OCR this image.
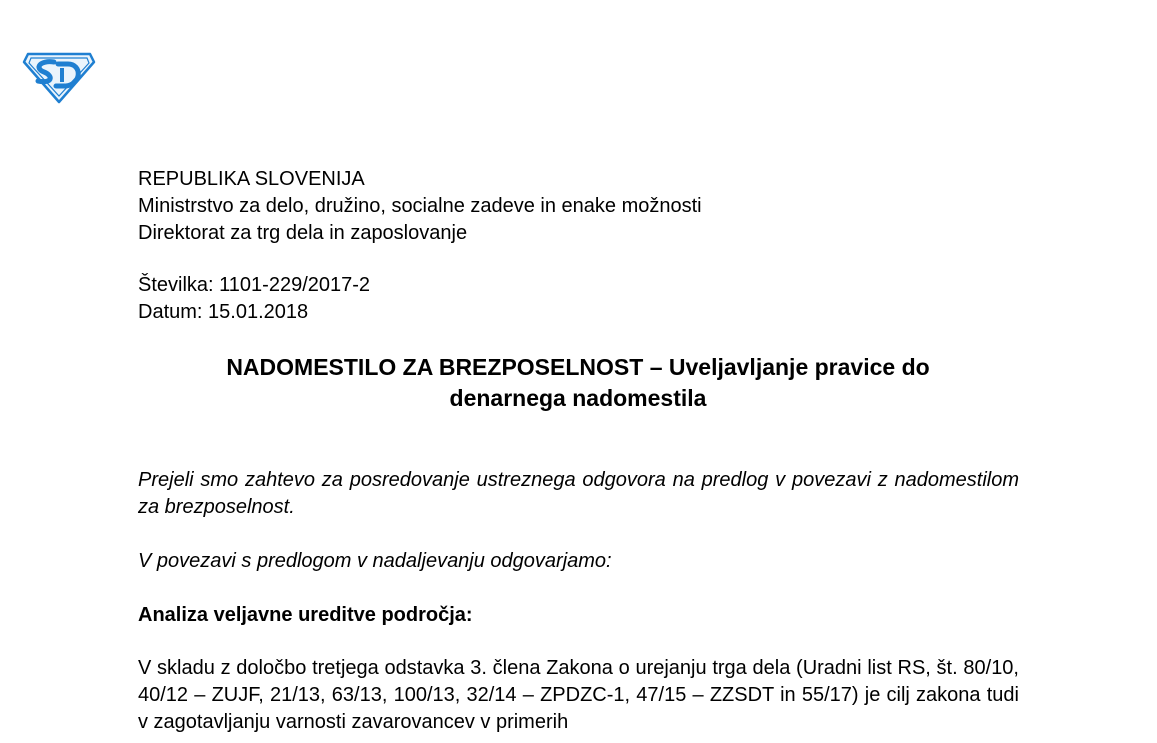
REPUBLIKA SLOVENIJA
Ministrstvo za delo, družino, socialne zadeve in enake možnosti
Direktorat za trg dela in zaposlovanje
Številka: 1101-229/2017-2
Datum: 15.01.2018
NADOMESTILO ZA BREZPOSELNOST – Uveljavljanje pravice do
denarnega nadomestila
Prejeli smo zahtevo za posredovanje ustreznega odgovora na predlog v povezavi z nadomestilom za brezposelnost.
V povezavi s predlogom v nadaljevanju odgovarjamo:
Analiza veljavne ureditve področja:
V skladu z določbo tretjega odstavka 3. člena Zakona o urejanju trga dela (Uradni list RS, št. 80/10, 40/12 – ZUJF, 21/13, 63/13, 100/13, 32/14 – ZPDZC-1, 47/15 – ZZSDT in 55/17) je cilj zakona tudi v zagotavljanju varnosti zavarovancev v primerih
